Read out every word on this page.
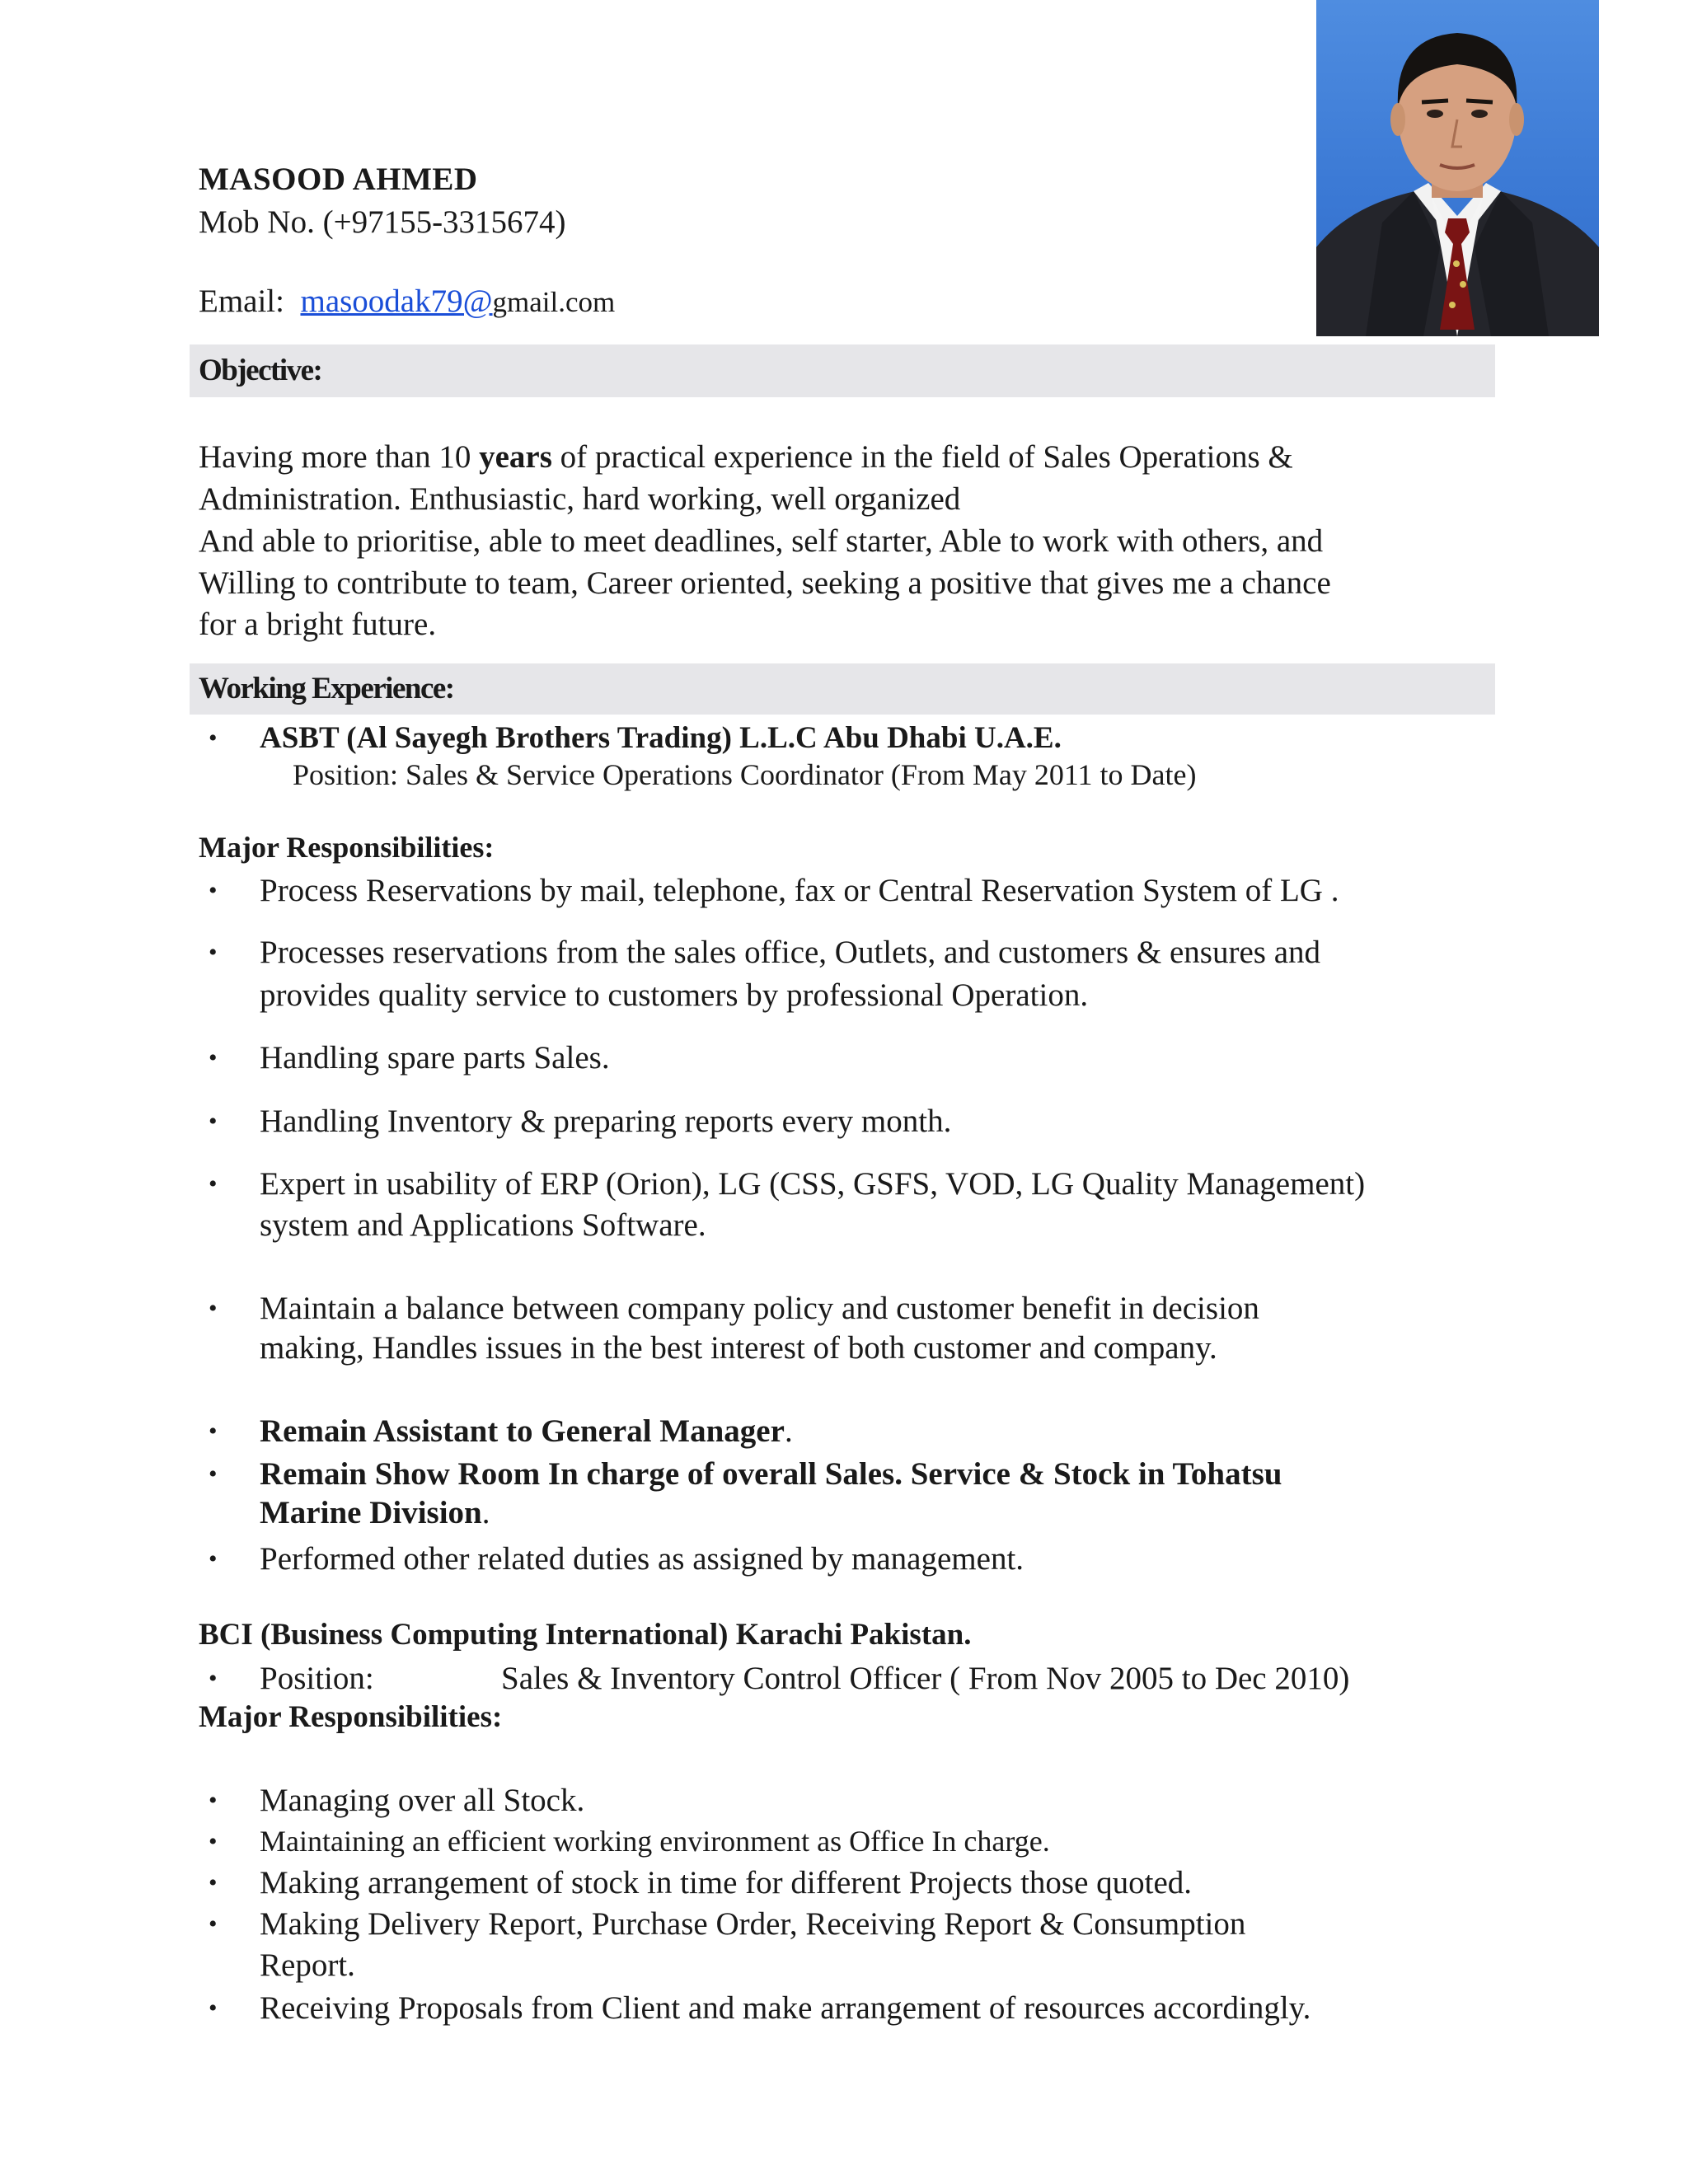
MASOOD AHMED
Mob No. (+97155-3315674)
Email: masoodak79@gmail.com
Objective:
Having more than 10 years of practical experience in the field of Sales Operations &
Administration. Enthusiastic, hard working, well organized
And able to prioritise, able to meet deadlines, self starter, Able to work with others, and
Willing to contribute to team, Career oriented, seeking a positive that gives me a chance
for a bright future.
Working Experience:
• ASBT (Al Sayegh Brothers Trading) L.L.C Abu Dhabi U.A.E.
Position: Sales & Service Operations Coordinator (From May 2011 to Date)
Major Responsibilities:
• Process Reservations by mail, telephone, fax or Central Reservation System of LG .
• Processes reservations from the sales office, Outlets, and customers & ensures and
provides quality service to customers by professional Operation.
• Handling spare parts Sales.
• Handling Inventory & preparing reports every month.
• Expert in usability of ERP (Orion), LG (CSS, GSFS, VOD, LG Quality Management)
system and Applications Software.
• Maintain a balance between company policy and customer benefit in decision
making, Handles issues in the best interest of both customer and company.
• Remain Assistant to General Manager.
• Remain Show Room In charge of overall Sales. Service & Stock in Tohatsu
Marine Division.
• Performed other related duties as assigned by management.
BCI (Business Computing International) Karachi Pakistan.
• Position:	Sales & Inventory Control Officer ( From Nov 2005 to Dec 2010)
Major Responsibilities:
• Managing over all Stock.
• Maintaining an efficient working environment as Office In charge.
• Making arrangement of stock in time for different Projects those quoted.
• Making Delivery Report, Purchase Order, Receiving Report & Consumption
Report.
• Receiving Proposals from Client and make arrangement of resources accordingly.
